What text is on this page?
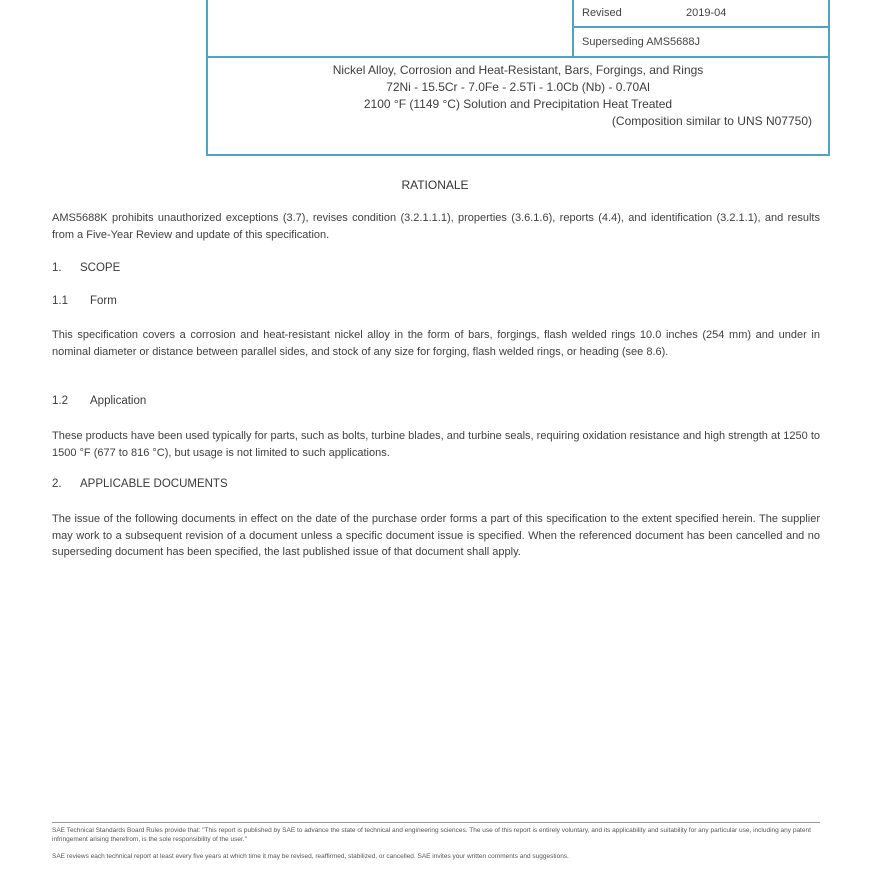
Revised	2019-04
Superseding AMS5688J
Nickel Alloy, Corrosion and Heat-Resistant, Bars, Forgings, and Rings
72Ni - 15.5Cr - 7.0Fe - 2.5Ti - 1.0Cb (Nb) - 0.70Al
2100 °F (1149 °C) Solution and Precipitation Heat Treated
(Composition similar to UNS N07750)
RATIONALE
AMS5688K prohibits unauthorized exceptions (3.7), revises condition (3.2.1.1.1), properties (3.6.1.6), reports (4.4), and identification (3.2.1.1), and results from a Five-Year Review and update of this specification.
1. SCOPE
1.1 Form
This specification covers a corrosion and heat-resistant nickel alloy in the form of bars, forgings, flash welded rings 10.0 inches (254 mm) and under in nominal diameter or distance between parallel sides, and stock of any size for forging, flash welded rings, or heading (see 8.6).
1.2 Application
These products have been used typically for parts, such as bolts, turbine blades, and turbine seals, requiring oxidation resistance and high strength at 1250 to 1500 °F (677 to 816 °C), but usage is not limited to such applications.
2. APPLICABLE DOCUMENTS
The issue of the following documents in effect on the date of the purchase order forms a part of this specification to the extent specified herein. The supplier may work to a subsequent revision of a document unless a specific document issue is specified. When the referenced document has been cancelled and no superseding document has been specified, the last published issue of that document shall apply.
SAE Technical Standards Board Rules provide that: "This report is published by SAE to advance the state of technical and engineering sciences. The use of this report is entirely voluntary, and its applicability and suitability for any particular use, including any patent infringement arising therefrom, is the sole responsibility of the user."
SAE reviews each technical report at least every five years at which time it may be revised, reaffirmed, stabilized, or cancelled. SAE invites your written comments and suggestions.
